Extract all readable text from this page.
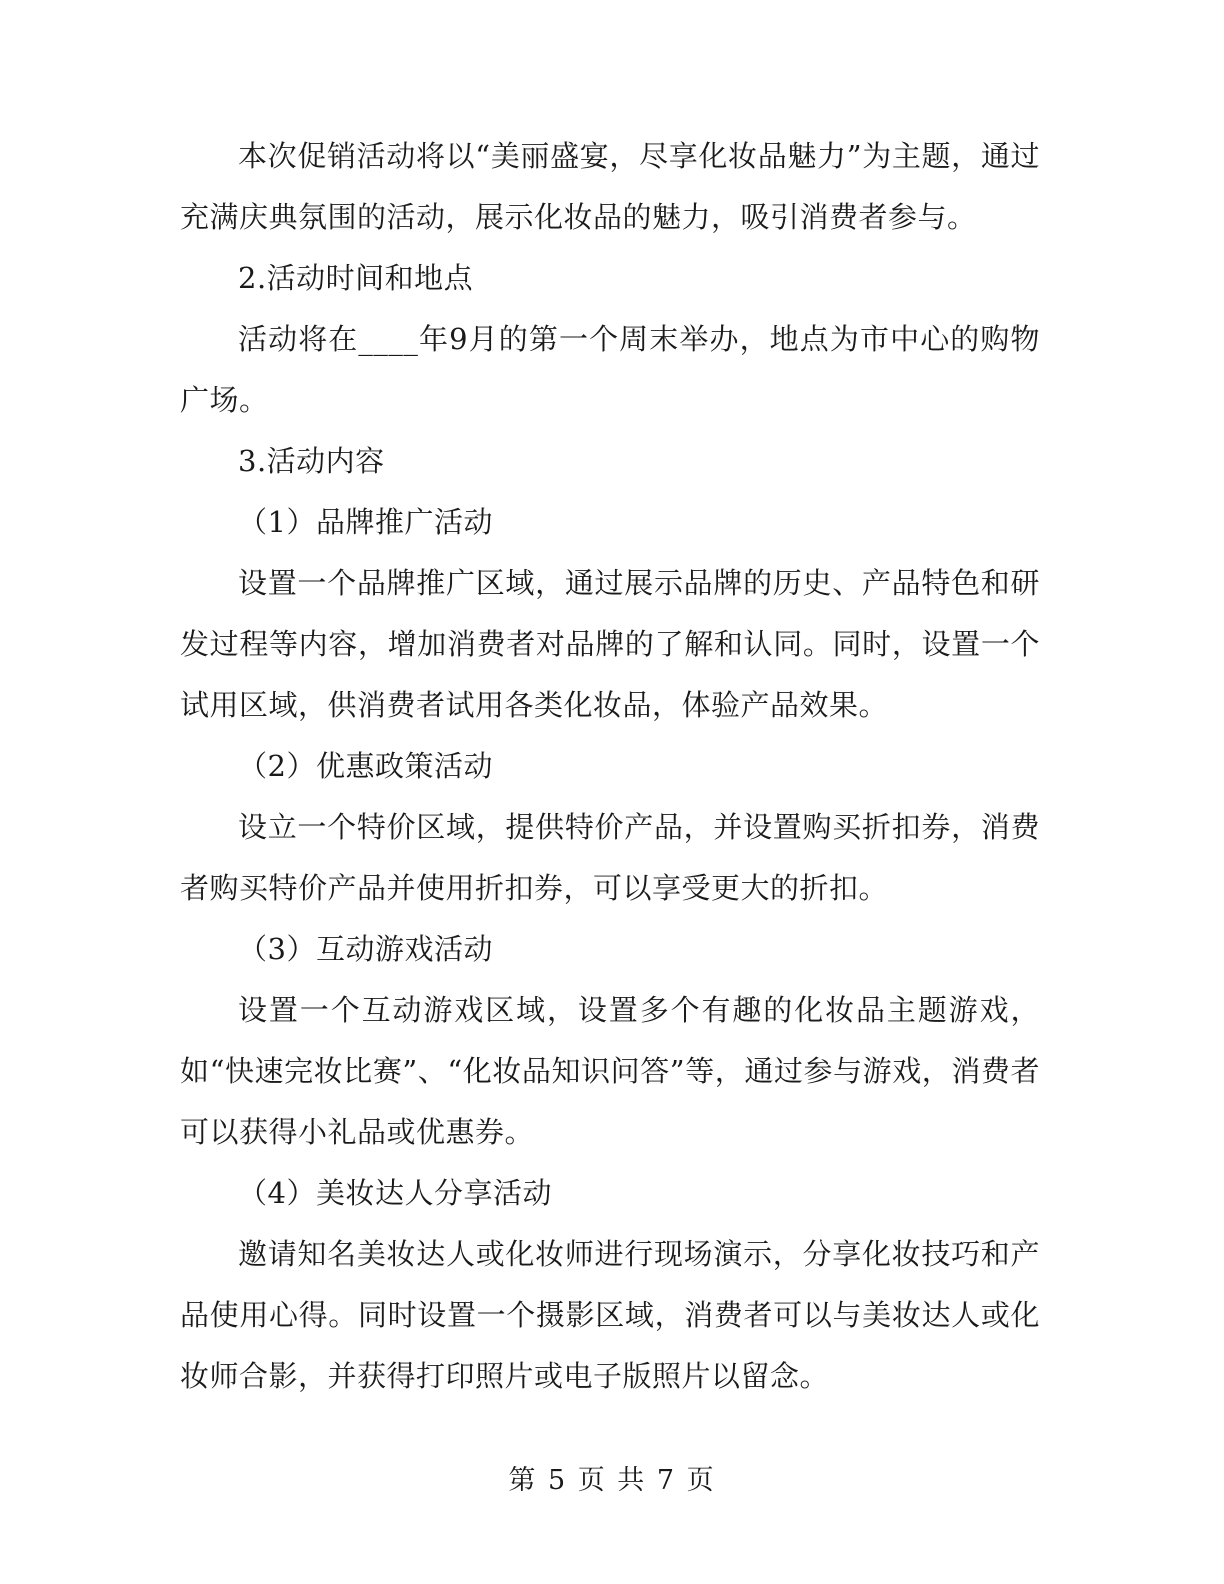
本次促销活动将以“美丽盛宴，尽享化妆品魅力”为主题，通过充满庆典氛围的活动，展示化妆品的魅力，吸引消费者参与。

2.活动时间和地点

活动将在____年9月的第一个周末举办，地点为市中心的购物广场。

3.活动内容

（1）品牌推广活动

设置一个品牌推广区域，通过展示品牌的历史、产品特色和研发过程等内容，增加消费者对品牌的了解和认同。同时，设置一个试用区域，供消费者试用各类化妆品，体验产品效果。

（2）优惠政策活动

设立一个特价区域，提供特价产品，并设置购买折扣券，消费者购买特价产品并使用折扣券，可以享受更大的折扣。

（3）互动游戏活动

设置一个互动游戏区域，设置多个有趣的化妆品主题游戏，如“快速完妆比赛”、“化妆品知识问答”等，通过参与游戏，消费者可以获得小礼品或优惠券。

（4）美妆达人分享活动

邀请知名美妆达人或化妆师进行现场演示，分享化妆技巧和产品使用心得。同时设置一个摄影区域，消费者可以与美妆达人或化妆师合影，并获得打印照片或电子版照片以留念。

第 5 页 共 7 页
